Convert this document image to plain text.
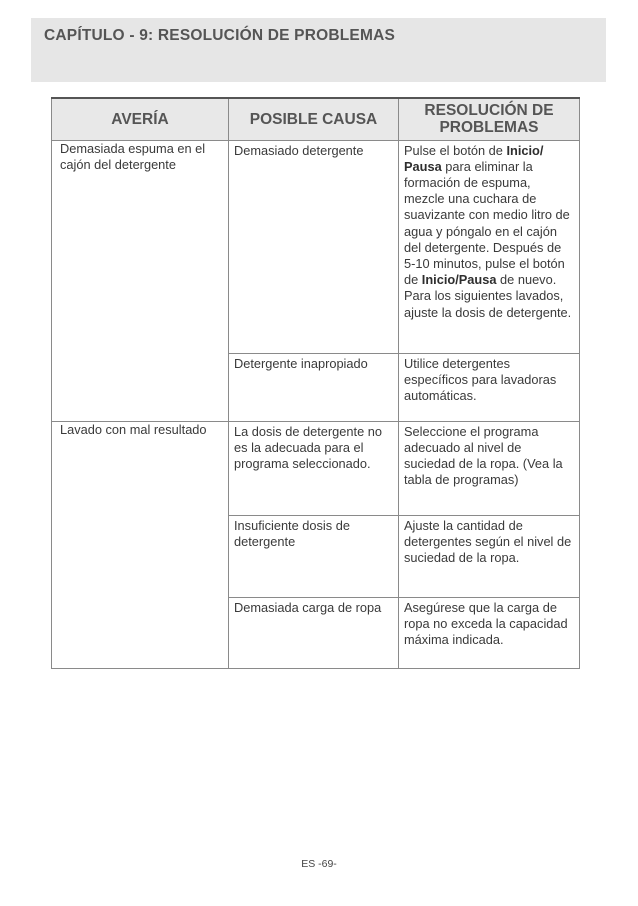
CAPÍTULO - 9: RESOLUCIÓN DE PROBLEMAS
AVERÍA	POSIBLE CAUSA	RESOLUCIÓN DE PROBLEMAS
Demasiada espuma en el cajón del detergente	Demasiado detergente	Pulse el botón de Inicio/ Pausa para eliminar la formación de espuma, mezcle una cuchara de suavizante con medio litro de agua y póngalo en el cajón del detergente. Después de 5-10 minutos, pulse el botón de Inicio/Pausa de nuevo. Para los siguientes lavados, ajuste la dosis de detergente.
	Detergente inapropiado	Utilice detergentes específicos para lavadoras automáticas.
Lavado con mal resultado	La dosis de detergente no es la adecuada para el programa seleccionado.	Seleccione el programa adecuado al nivel de suciedad de la ropa. (Vea la tabla de programas)
	Insuficiente dosis de detergente	Ajuste la cantidad de detergentes según el nivel de suciedad de la ropa.
	Demasiada carga de ropa	Asegúrese que la carga de ropa no exceda la capacidad máxima indicada.
ES -69-
